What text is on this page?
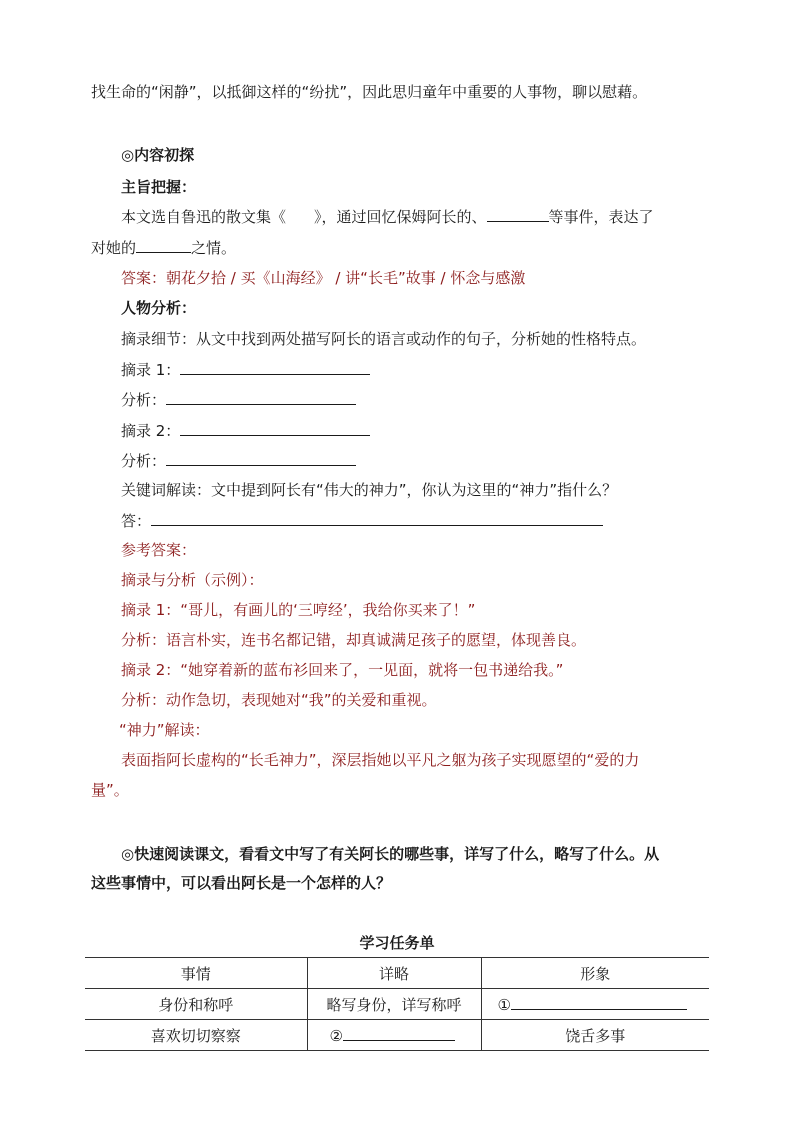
找生命的“闲静”，以抵御这样的“纷扰”，因此思归童年中重要的人事物，聊以慰藉。
◎内容初探
主旨把握：
本文选自鲁迅的散文集《 》，通过回忆保姆阿长的、	等事件，表达了
对她的	之情。
答案：朝花夕拾 / 买《山海经》 / 讲“长毛”故事 / 怀念与感激
人物分析：
摘录细节：从文中找到两处描写阿长的语言或动作的句子，分析她的性格特点。
摘录 1：
分析：
摘录 2：
分析：
关键词解读：文中提到阿长有“伟大的神力”，你认为这里的“神力”指什么？
答：
参考答案：
摘录与分析（示例）：
摘录 1：“哥儿，有画儿的‘三哼经’，我给你买来了！”
分析：语言朴实，连书名都记错，却真诚满足孩子的愿望，体现善良。
摘录 2：“她穿着新的蓝布衫回来了，一见面，就将一包书递给我。”
分析：动作急切，表现她对“我”的关爱和重视。
“神力”解读：
表面指阿长虚构的“长毛神力”，深层指她以平凡之躯为孩子实现愿望的“爱的力
量”。
◎快速阅读课文，看看文中写了有关阿长的哪些事，详写了什么，略写了什么。从
这些事情中，可以看出阿长是一个怎样的人？
学习任务单
事情	详略	形象
身份和称呼	略写身份，详写称呼	①
喜欢切切察察	②	饶舌多事
